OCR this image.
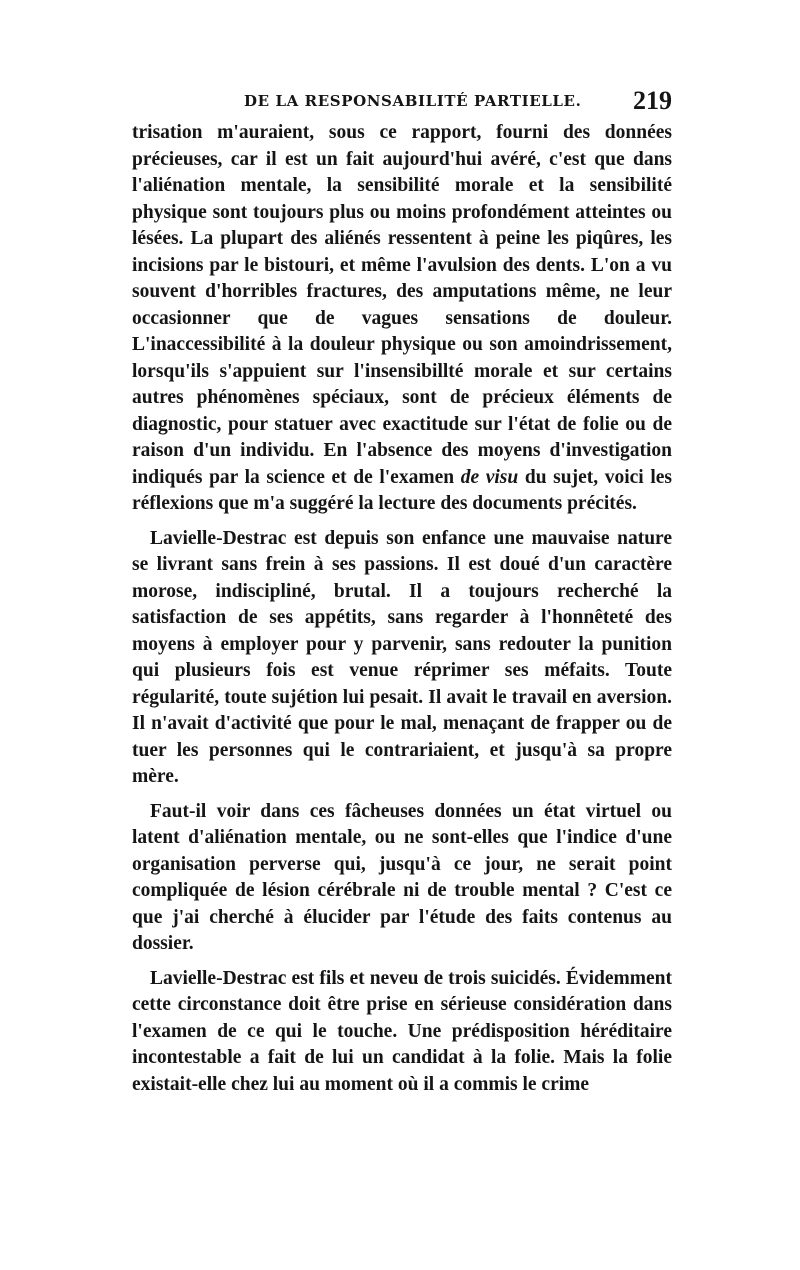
DE LA RESPONSABILITÉ PARTIELLE. 219

trisation m'auraient, sous ce rapport, fourni des données précieuses, car il est un fait aujourd'hui avéré, c'est que dans l'aliénation mentale, la sensibilité morale et la sensibilité physique sont toujours plus ou moins profondément atteintes ou lésées. La plupart des aliénés ressentent à peine les piqûres, les incisions par le bistouri, et même l'avulsion des dents. L'on a vu souvent d'horribles fractures, des amputations même, ne leur occasionner que de vagues sensations de douleur. L'inaccessibilité à la douleur physique ou son amoindrissement, lorsqu'ils s'appuient sur l'insensibillté morale et sur certains autres phénomènes spéciaux, sont de précieux éléments de diagnostic, pour statuer avec exactitude sur l'état de folie ou de raison d'un individu. En l'absence des moyens d'investigation indiqués par la science et de l'examen de visu du sujet, voici les réflexions que m'a suggéré la lecture des documents précités.

Lavielle-Destrac est depuis son enfance une mauvaise nature se livrant sans frein à ses passions. Il est doué d'un caractère morose, indiscipliné, brutal. Il a toujours recherché la satisfaction de ses appétits, sans regarder à l'honnêteté des moyens à employer pour y parvenir, sans redouter la punition qui plusieurs fois est venue réprimer ses méfaits. Toute régularité, toute sujétion lui pesait. Il avait le travail en aversion. Il n'avait d'activité que pour le mal, menaçant de frapper ou de tuer les personnes qui le contrariaient, et jusqu'à sa propre mère.

Faut-il voir dans ces fâcheuses données un état virtuel ou latent d'aliénation mentale, ou ne sont-elles que l'indice d'une organisation perverse qui, jusqu'à ce jour, ne serait point compliquée de lésion cérébrale ni de trouble mental ? C'est ce que j'ai cherché à élucider par l'étude des faits contenus au dossier.

Lavielle-Destrac est fils et neveu de trois suicidés. Évidemment cette circonstance doit être prise en sérieuse considération dans l'examen de ce qui le touche. Une prédisposition héréditaire incontestable a fait de lui un candidat à la folie. Mais la folie existait-elle chez lui au moment où il a commis le crime
